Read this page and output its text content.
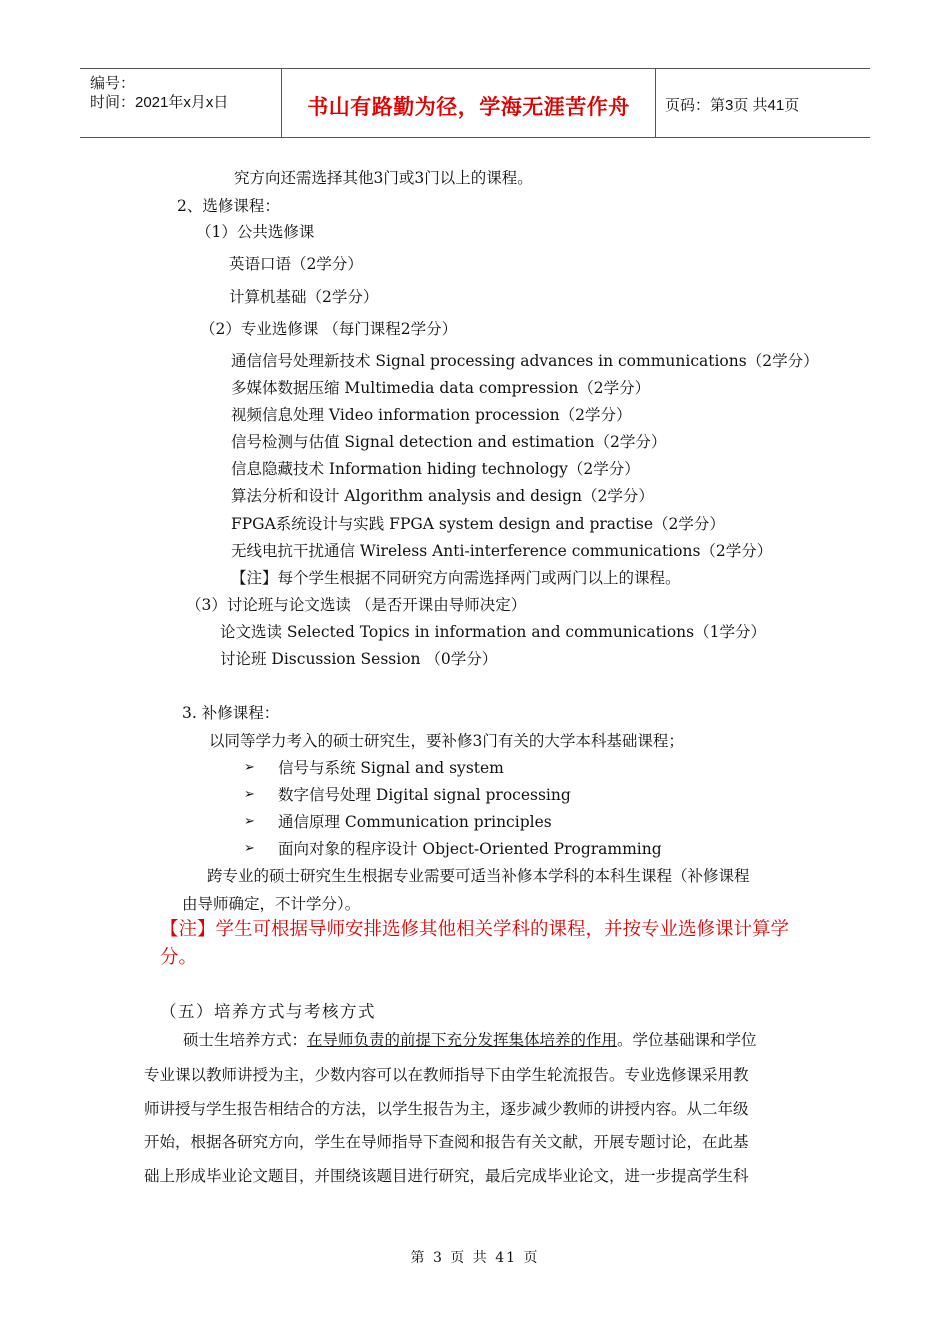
编号：
时间：2021年x月x日	书山有路勤为径，学海无涯苦作舟	页码：第3页 共41页
究方向还需选择其他3门或3门以上的课程。
2、选修课程：
（1）公共选修课
英语口语（2学分）
计算机基础（2学分）
（2）专业选修课 （每门课程2学分）
通信信号处理新技术 Signal processing advances in communications（2学分）
多媒体数据压缩 Multimedia data compression（2学分）
视频信息处理 Video information procession（2学分）
信号检测与估值 Signal detection and estimation（2学分）
信息隐藏技术 Information hiding technology（2学分）
算法分析和设计 Algorithm analysis and design（2学分）
FPGA系统设计与实践 FPGA system design and practise（2学分）
无线电抗干扰通信 Wireless Anti-interference communications（2学分）
【注】每个学生根据不同研究方向需选择两门或两门以上的课程。
（3）讨论班与论文选读 （是否开课由导师决定）
论文选读 Selected Topics in information and communications（1学分）
讨论班 Discussion Session （0学分）
3. 补修课程：
以同等学力考入的硕士研究生，要补修3门有关的大学本科基础课程；
➢ 信号与系统 Signal and system
➢ 数字信号处理 Digital signal processing
➢ 通信原理 Communication principles
➢ 面向对象的程序设计 Object-Oriented Programming
跨专业的硕士研究生生根据专业需要可适当补修本学科的本科生课程（补修课程
由导师确定，不计学分）。
【注】学生可根据导师安排选修其他相关学科的课程，并按专业选修课计算学
分。
（五）培养方式与考核方式
硕士生培养方式：在导师负责的前提下充分发挥集体培养的作用。学位基础课和学位
专业课以教师讲授为主，少数内容可以在教师指导下由学生轮流报告。专业选修课采用教
师讲授与学生报告相结合的方法，以学生报告为主，逐步减少教师的讲授内容。从二年级
开始，根据各研究方向，学生在导师指导下查阅和报告有关文献，开展专题讨论，在此基
础上形成毕业论文题目，并围绕该题目进行研究，最后完成毕业论文，进一步提高学生科
第 3 页 共 41 页
